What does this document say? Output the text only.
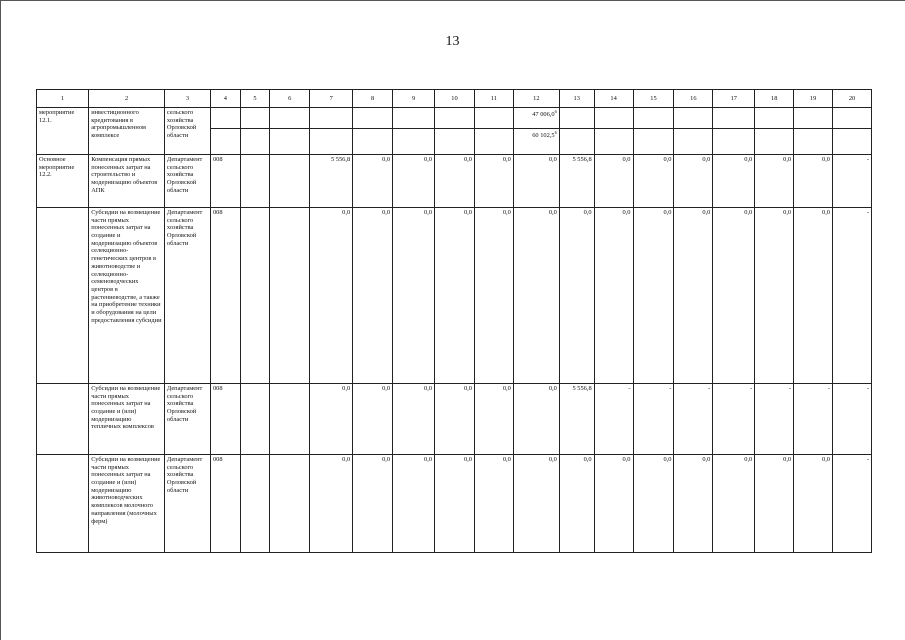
13
1	2	3	4	5	6	7	8	9	10	11	12	13	14	15	16	17	18	19	20
мероприятие 12.1.	инвестиционного кредитования в агропромышленном комплексе	сельского хозяйства Орловской области									47 006,0$^6$								
											60 102,5$^6$								
Основное мероприятие 12.2.	Компенсация прямых понесенных затрат на строительство и модернизацию объектов АПК	Департамент сельского хозяйства Орловской области	008			5 556,8	0,0	0,0	0,0	0,0	0,0	5 556,8	0,0	0,0	0,0	0,0	0,0	0,0	-
	Субсидии на возмещение части прямых понесенных затрат на создание и модернизацию объектов селекционно-генетических центров в животноводстве и селекционно-семеноводческих центров в растениеводстве, а также на приобретение техники и оборудования на цели предоставления субсидии	Департамент сельского хозяйства Орловской области	008			0,0	0,0	0,0	0,0	0,0	0,0	0,0	0,0	0,0	0,0	0,0	0,0	0,0	-
	Субсидии на возмещение части прямых понесенных затрат на создание и (или) модернизацию тепличных комплексов	Департамент сельского хозяйства Орловской области	008			0,0	0,0	0,0	0,0	0,0	0,0	5 556,8	-	-	-	-	-	-	-
	Субсидии на возмещение части прямых понесенных затрат на создание и (или) модернизацию животноводческих комплексов молочного направления (молочных ферм)	Департамент сельского хозяйства Орловской области	008			0,0	0,0	0,0	0,0	0,0	0,0	0,0	0,0	0,0	0,0	0,0	0,0	0,0	-
